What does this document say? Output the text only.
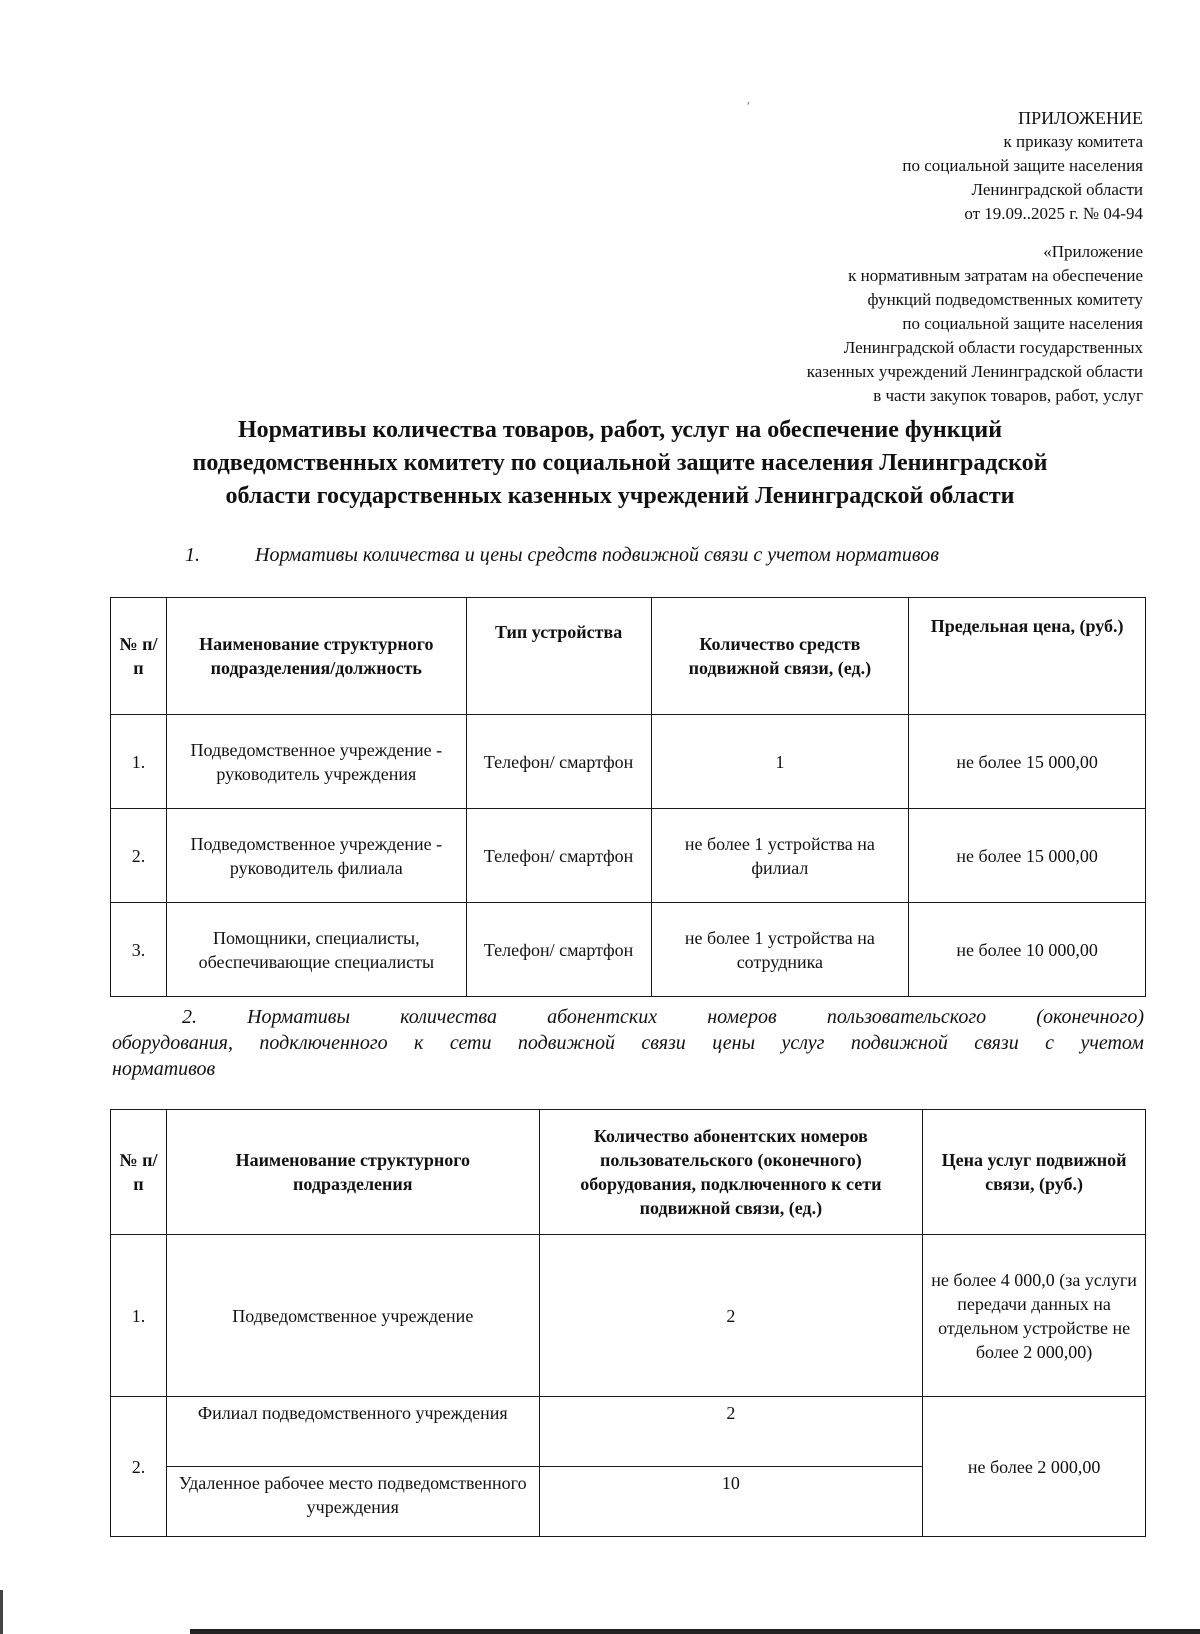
′
ПРИЛОЖЕНИЕ
к приказу комитета
по социальной защите населения
Ленинградской области
от 19.09..2025 г. № 04-94
«Приложение
к нормативным затратам на обеспечение
функций подведомственных комитету
по социальной защите населения
Ленинградской области государственных
казенных учреждений Ленинградской области
в части закупок товаров, работ, услуг
Нормативы количества товаров, работ, услуг на обеспечение функций
подведомственных комитету по социальной защите населения Ленинградской
области государственных казенных учреждений Ленинградской области
1.	Нормативы количества и цены средств подвижной связи с учетом нормативов
№ п/п	Наименование структурного подразделения/должность	Тип устройства	Количество средств подвижной связи, (ед.)	Предельная цена, (руб.)
1.	Подведомственное учреждение - руководитель учреждения	Телефон/ смартфон	1	не более 15 000,00
2.	Подведомственное учреждение - руководитель филиала	Телефон/ смартфон	не более 1 устройства на филиал	не более 15 000,00
3.	Помощники, специалисты, обеспечивающие специалисты	Телефон/ смартфон	не более 1 устройства на сотрудника	не более 10 000,00
2.	Нормативы	количества	абонентских	номеров	пользовательского	(оконечного)
оборудования, подключенного к сети подвижной связи цены услуг подвижной связи с учетом
нормативов
№ п/п	Наименование структурного подразделения	Количество абонентских номеров пользовательского (оконечного) оборудования, подключенного к сети подвижной связи, (ед.)	Цена услуг подвижной связи, (руб.)
1.	Подведомственное учреждение	2	не более 4 000,0 (за услуги передачи данных на отдельном устройстве не более 2 000,00)
2.	Филиал подведомственного учреждения	2	не более 2 000,00
	Удаленное рабочее место подведомственного учреждения	10	
